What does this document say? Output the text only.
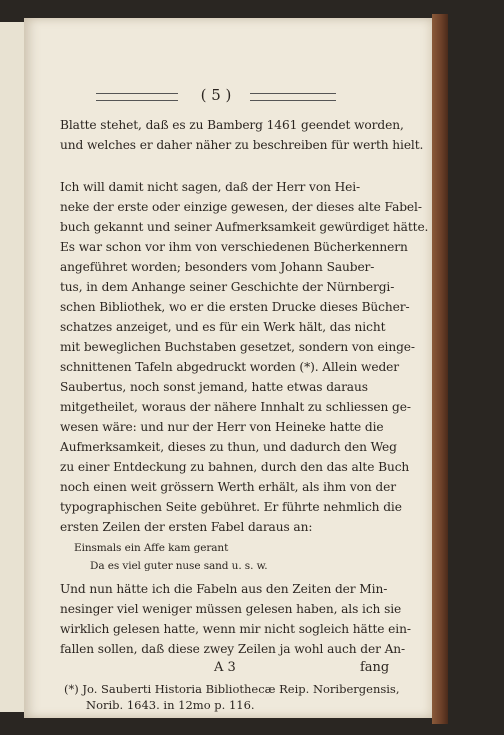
( 5 )
Blatte stehet, daß es zu Bamberg 1461 geendet worden,
und welches er daher näher zu beschreiben für werth hielt.
Ich will damit nicht sagen, daß der Herr von Hei-
neke der erste oder einzige gewesen, der dieses alte Fabel-
buch gekannt und seiner Aufmerksamkeit gewürdiget hätte.
Es war schon vor ihm von verschiedenen Bücherkennern
angeführet worden; besonders vom Johann Sauber-
tus, in dem Anhange seiner Geschichte der Nürnbergi-
schen Bibliothek, wo er die ersten Drucke dieses Bücher-
schatzes anzeiget, und es für ein Werk hält, das nicht
mit beweglichen Buchstaben gesetzet, sondern von einge-
schnittenen Tafeln abgedruckt worden (*). Allein weder
Saubertus, noch sonst jemand, hatte etwas daraus
mitgetheilet, woraus der nähere Innhalt zu schliessen ge-
wesen wäre: und nur der Herr von Heineke hatte die
Aufmerksamkeit, dieses zu thun, und dadurch den Weg
zu einer Entdeckung zu bahnen, durch den das alte Buch
noch einen weit grössern Werth erhält, als ihm von der
typographischen Seite gebühret. Er führte nehmlich die
ersten Zeilen der ersten Fabel daraus an:
Einsmals ein Affe kam gerant
Da es viel guter nuse sand u. s. w.
Und nun hätte ich die Fabeln aus den Zeiten der Min-
nesinger viel weniger müssen gelesen haben, als ich sie
wirklich gelesen hatte, wenn mir nicht sogleich hätte ein-
fallen sollen, daß diese zwey Zeilen ja wohl auch der An-
A 3	fang
(*) Jo. Sauberti Historia Bibliothecæ Reip. Noribergensis,
Norib. 1643. in 12mo p. 116.
